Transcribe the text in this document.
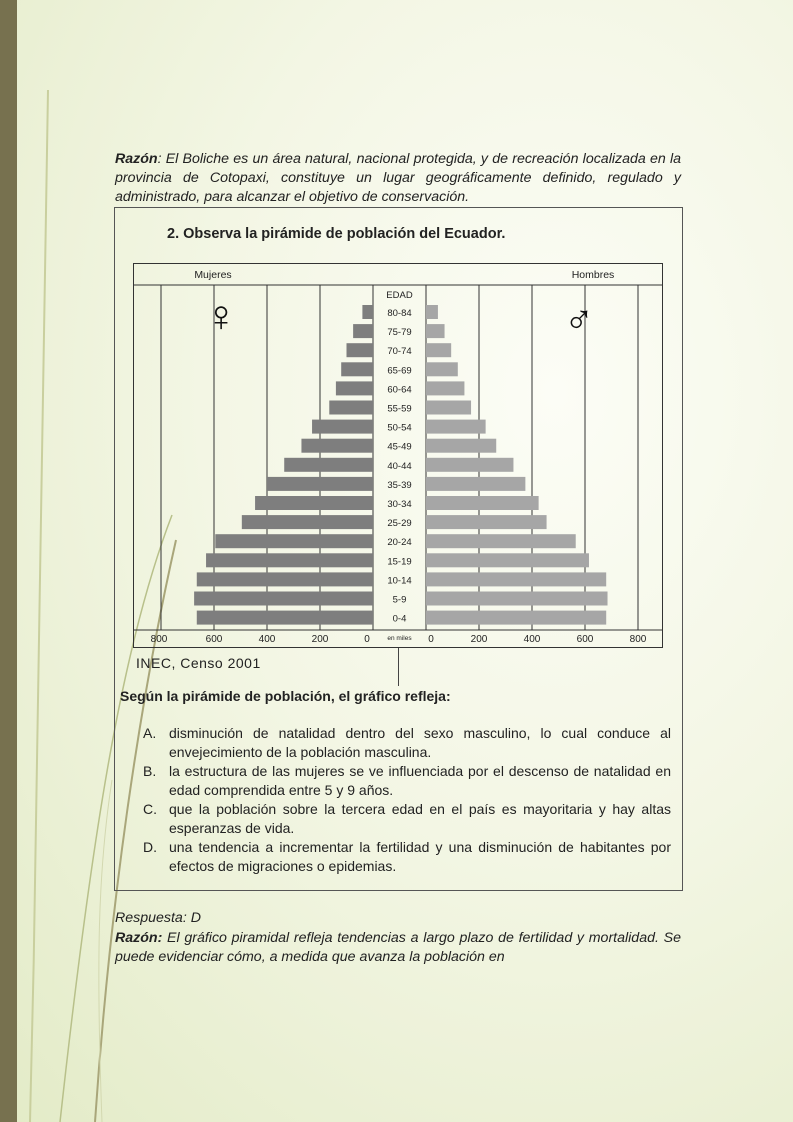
Razón: El Boliche es un área natural, nacional protegida, y de recreación localizada en la provincia de Cotopaxi, constituye un lugar geográficamente definido, regulado y administrado, para alcanzar el objetivo de conservación.
2. Observa la pirámide de población del Ecuador.
Mujeres	Hombres
EDAD
80-84
75-79
70-74
65-69
60-64
55-59
50-54
45-49
40-44
35-39
30-34
25-29
20-24
15-19
10-14
5-9
0-4
♀	♂
800	600	400	200	0	0	200	400	600	800
en miles
INEC, Censo 2001
Según la pirámide de población, el gráfico refleja:
A. disminución de natalidad dentro del sexo masculino, lo cual conduce al envejecimiento de la población masculina.
B. la estructura de las mujeres se ve influenciada por el descenso de natalidad en edad comprendida entre 5 y 9 años.
C. que la población sobre la tercera edad en el país es mayoritaria y hay altas esperanzas de vida.
D. una tendencia a incrementar la fertilidad y una disminución de habitantes por efectos de migraciones o epidemias.
Respuesta: D
Razón: El gráfico piramidal refleja tendencias a largo plazo de fertilidad y mortalidad. Se puede evidenciar cómo, a medida que avanza la población en
